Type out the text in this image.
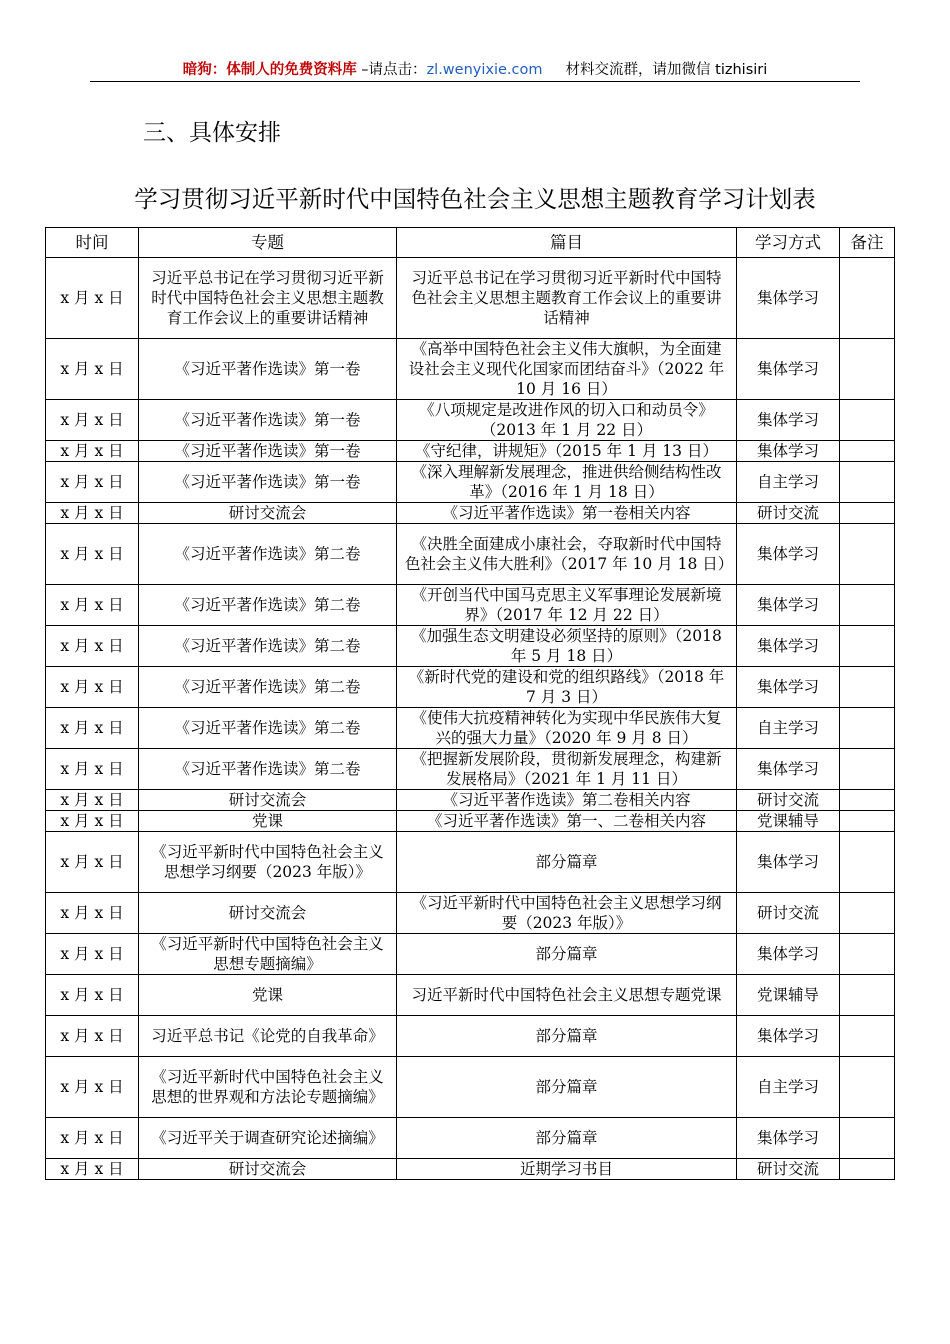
暗狗：体制人的免费资料库 –请点击：zl.wenyixie.com 材料交流群，请加微信 tizhisiri
三、具体安排
学习贯彻习近平新时代中国特色社会主义思想主题教育学习计划表
时间	专题	篇目	学习方式	备注
x 月 x 日	习近平总书记在学习贯彻习近平新时代中国特色社会主义思想主题教育工作会议上的重要讲话精神	习近平总书记在学习贯彻习近平新时代中国特色社会主义思想主题教育工作会议上的重要讲话精神	集体学习	
x 月 x 日	《习近平著作选读》第一卷	《高举中国特色社会主义伟大旗帜，为全面建设社会主义现代化国家而团结奋斗》（2022 年 10 月 16 日）	集体学习	
x 月 x 日	《习近平著作选读》第一卷	《八项规定是改进作风的切入口和动员令》（2013 年 1 月 22 日）	集体学习	
x 月 x 日	《习近平著作选读》第一卷	《守纪律，讲规矩》（2015 年 1 月 13 日）	集体学习	
x 月 x 日	《习近平著作选读》第一卷	《深入理解新发展理念，推进供给侧结构性改革》（2016 年 1 月 18 日）	自主学习	
x 月 x 日	研讨交流会	《习近平著作选读》第一卷相关内容	研讨交流	
x 月 x 日	《习近平著作选读》第二卷	《决胜全面建成小康社会，夺取新时代中国特色社会主义伟大胜利》（2017 年 10 月 18 日）	集体学习	
x 月 x 日	《习近平著作选读》第二卷	《开创当代中国马克思主义军事理论发展新境界》（2017 年 12 月 22 日）	集体学习	
x 月 x 日	《习近平著作选读》第二卷	《加强生态文明建设必须坚持的原则》（2018 年 5 月 18 日）	集体学习	
x 月 x 日	《习近平著作选读》第二卷	《新时代党的建设和党的组织路线》（2018 年 7 月 3 日）	集体学习	
x 月 x 日	《习近平著作选读》第二卷	《使伟大抗疫精神转化为实现中华民族伟大复兴的强大力量》（2020 年 9 月 8 日）	自主学习	
x 月 x 日	《习近平著作选读》第二卷	《把握新发展阶段，贯彻新发展理念，构建新发展格局》（2021 年 1 月 11 日）	集体学习	
x 月 x 日	研讨交流会	《习近平著作选读》第二卷相关内容	研讨交流	
x 月 x 日	党课	《习近平著作选读》第一、二卷相关内容	党课辅导	
x 月 x 日	《习近平新时代中国特色社会主义思想学习纲要（2023 年版）》	部分篇章	集体学习	
x 月 x 日	研讨交流会	《习近平新时代中国特色社会主义思想学习纲要（2023 年版）》	研讨交流	
x 月 x 日	《习近平新时代中国特色社会主义思想专题摘编》	部分篇章	集体学习	
x 月 x 日	党课	习近平新时代中国特色社会主义思想专题党课	党课辅导	
x 月 x 日	习近平总书记《论党的自我革命》	部分篇章	集体学习	
x 月 x 日	《习近平新时代中国特色社会主义思想的世界观和方法论专题摘编》	部分篇章	自主学习	
x 月 x 日	《习近平关于调查研究论述摘编》	部分篇章	集体学习	
x 月 x 日	研讨交流会	近期学习书目	研讨交流	
